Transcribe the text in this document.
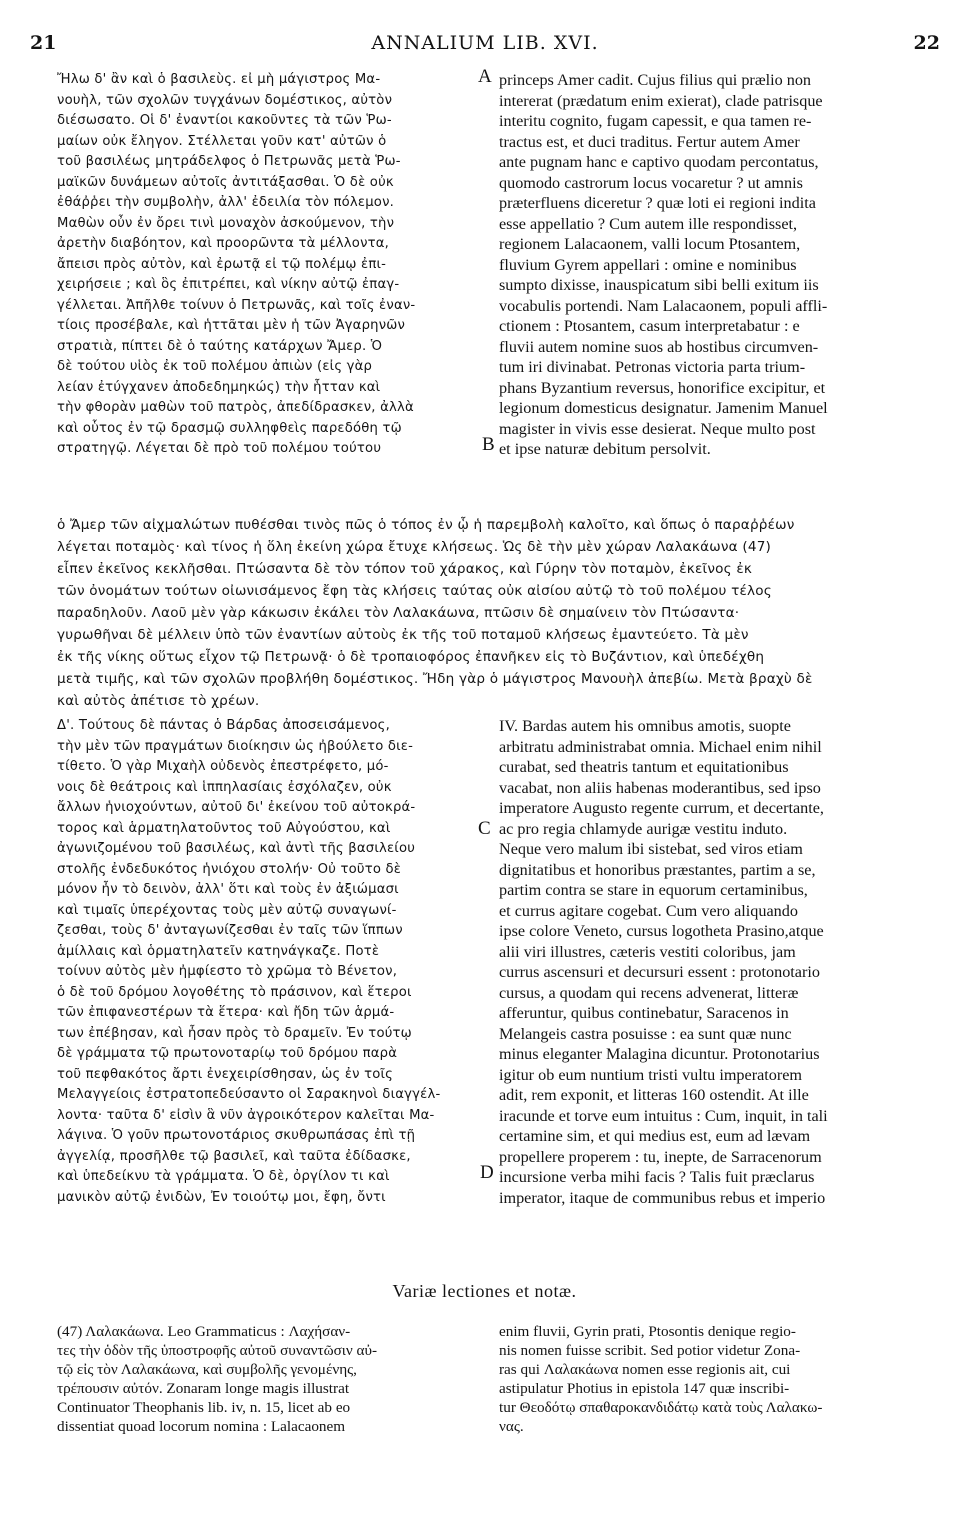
21	ANNALIUM LIB. XVI.	22
A
B
C
D
Ἤλω δ' ἂν καὶ ὁ βασιλεὺς. εἰ μὴ μάγιστρος Μα-
νουὴλ, τῶν σχολῶν τυγχάνων δομέστικος, αὐτὸν
διέσωσατο. Οἱ δ' ἐναντίοι κακοῦντες τὰ τῶν Ῥω-
μαίων οὐκ ἔληγον. Στέλλεται γοῦν κατ' αὐτῶν ὁ
τοῦ βασιλέως μητράδελφος ὁ Πετρωνᾶς μετὰ Ῥω-
μαϊκῶν δυνάμεων αὐτοῖς ἀντιτάξασθαι. Ὁ δὲ οὐκ
ἐθάῤῥει τὴν συμβολὴν, ἀλλ' ἐδειλία τὸν πόλεμον.
Μαθὼν οὖν ἐν ὄρει τινὶ μοναχὸν ἀσκούμενον, τὴν
ἀρετὴν διαβόητον, καὶ προορῶντα τὰ μέλλοντα,
ἄπεισι πρὸς αὐτὸν, καὶ ἐρωτᾷ εἰ τῷ πολέμῳ ἐπι-
χειρήσειε ; καὶ ὃς ἐπιτρέπει, καὶ νίκην αὐτῷ ἐπαγ-
γέλλεται. Ἀπῆλθε τοίνυν ὁ Πετρωνᾶς, καὶ τοῖς ἐναν-
τίοις προσέβαλε, καὶ ἡττᾶται μὲν ἡ τῶν Ἀγαρηνῶν
στρατιὰ, πίπτει δὲ ὁ ταύτης κατάρχων Ἄμερ. Ὁ
δὲ τούτου υἱὸς ἐκ τοῦ πολέμου ἀπιὼν (εἰς γὰρ
λείαν ἐτύγχανεν ἀποδεδημηκώς) τὴν ἧτταν καὶ
τὴν φθορὰν μαθὼν τοῦ πατρὸς, ἀπεδίδρασκεν, ἀλλὰ
καὶ οὗτος ἐν τῷ δρασμῷ συλληφθεὶς παρεδόθη τῷ
στρατηγῷ. Λέγεται δὲ πρὸ τοῦ πολέμου τούτου
princeps Amer cadit. Cujus filius qui prælio non
intererat (prædatum enim exierat), clade patrisque
interitu cognito, fugam capessit, e qua tamen re-
tractus est, et duci traditus. Fertur autem Amer
ante pugnam hanc e captivo quodam percontatus,
quomodo castrorum locus vocaretur ? ut amnis
præterfluens diceretur ? quæ loti ei regioni indita
esse appellatio ? Cum autem ille respondisset,
regionem Lalacaonem, valli locum Ptosantem,
fluvium Gyrem appellari : omine e nominibus
sumpto dixisse, inauspicatum sibi belli exitum iis
vocabulis portendi. Nam Lalacaonem, populi affli-
ctionem : Ptosantem, casum interpretabatur : e
fluvii autem nomine suos ab hostibus circumven-
tum iri divinabat. Petronas victoria parta trium-
phans Byzantium reversus, honorifice excipitur, et
legionum domesticus designatur. Jamenim Manuel
magister in vivis esse desierat. Neque multo post
et ipse naturæ debitum persolvit.
ὁ Ἄμερ τῶν αἰχμαλώτων πυθέσθαι τινὸς πῶς ὁ τόπος ἐν ᾧ ἡ παρεμβολὴ καλοῖτο, καὶ ὅπως ὁ παραῤῥέων
λέγεται ποταμὸς· καὶ τίνος ἡ ὅλη ἐκείνη χώρα ἔτυχε κλήσεως. Ὡς δὲ τὴν μὲν χώραν Λαλακάωνα (47)
εἶπεν ἐκεῖνος κεκλῆσθαι. Πτώσαντα δὲ τὸν τόπον τοῦ χάρακος, καὶ Γύρην τὸν ποταμὸν, ἐκεῖνος ἐκ
τῶν ὀνομάτων τούτων οἰωνισάμενος ἔφη τὰς κλήσεις ταύτας οὐκ αἰσίου αὐτῷ τὸ τοῦ πολέμου τέλος
παραδηλοῦν. Λαοῦ μὲν γὰρ κάκωσιν ἐκάλει τὸν Λαλακάωνα, πτῶσιν δὲ σημαίνειν τὸν Πτώσαντα·
γυρωθῆναι δὲ μέλλειν ὑπὸ τῶν ἐναντίων αὐτοὺς ἐκ τῆς τοῦ ποταμοῦ κλήσεως ἐμαντεύετο. Τὰ μὲν
ἐκ τῆς νίκης οὕτως εἶχον τῷ Πετρωνᾷ· ὁ δὲ τροπαιοφόρος ἐπανῆκεν εἰς τὸ Βυζάντιον, καὶ ὑπεδέχθη
μετὰ τιμῆς, καὶ τῶν σχολῶν προβλήθη δομέστικος. Ἤδη γὰρ ὁ μάγιστρος Μανουὴλ ἀπεβίω. Μετὰ βραχὺ δὲ
καὶ αὐτὸς ἀπέτισε τὸ χρέων.
Δ'. Τούτους δὲ πάντας ὁ Βάρδας ἀποσεισάμενος,
τὴν μὲν τῶν πραγμάτων διοίκησιν ὡς ἠβούλετο διε-
τίθετο. Ὁ γὰρ Μιχαὴλ οὐδενὸς ἐπεστρέφετο, μό-
νοις δὲ θεάτροις καὶ ἱππηλασίαις ἐσχόλαζεν, οὐκ
ἄλλων ἡνιοχούντων, αὐτοῦ δι' ἐκείνου τοῦ αὐτοκρά-
τορος καὶ ἁρματηλατοῦντος τοῦ Αὐγούστου, καὶ
ἀγωνιζομένου τοῦ βασιλέως, καὶ ἀντὶ τῆς βασιλείου
στολῆς ἐνδεδυκότος ἡνιόχου στολήν· Οὐ τοῦτο δὲ
μόνον ἦν τὸ δεινὸν, ἀλλ' ὅτι καὶ τοὺς ἐν ἀξιώμασι
καὶ τιμαῖς ὑπερέχοντας τοὺς μὲν αὐτῷ συναγωνί-
ζεσθαι, τοὺς δ' ἀνταγωνίζεσθαι ἐν ταῖς τῶν ἵππων
ἁμίλλαις καὶ ὁρματηλατεῖν κατηνάγκαζε. Ποτὲ
τοίνυν αὐτὸς μὲν ἠμφίεστο τὸ χρῶμα τὸ Βένετον,
ὁ δὲ τοῦ δρόμου λογοθέτης τὸ πράσινον, καὶ ἕτεροι
τῶν ἐπιφανεστέρων τὰ ἕτερα· καὶ ἤδη τῶν ἁρμά-
των ἐπέβησαν, καὶ ἦσαν πρὸς τὸ δραμεῖν. Ἐν τούτῳ
δὲ γράμματα τῷ πρωτονοταρίῳ τοῦ δρόμου παρὰ
τοῦ πεφθακότος ἄρτι ἐνεχειρίσθησαν, ὡς ἐν τοῖς
Μελαγγείοις ἐστρατοπεδεύσαντο οἱ Σαρακηνοὶ διαγγέλ-
λοντα· ταῦτα δ' εἰσὶν ἃ νῦν ἀγροικότερον καλεῖται Μα-
λάγινα. Ὁ γοῦν πρωτονοτάριος σκυθρωπάσας ἐπὶ τῇ
ἀγγελίᾳ, προσῆλθε τῷ βασιλεῖ, καὶ ταῦτα ἐδίδασκε,
καὶ ὑπεδείκνυ τὰ γράμματα. Ὁ δὲ, ὀργίλον τι καὶ
μανικὸν αὐτῷ ἐνιδὼν, Ἐν τοιούτῳ μοι, ἔφη, ὄντι
IV. Bardas autem his omnibus amotis, suopte
arbitratu administrabat omnia. Michael enim nihil
curabat, sed theatris tantum et equitationibus
vacabat, non aliis habenas moderantibus, sed ipso
imperatore Augusto regente currum, et decertante,
ac pro regia chlamyde aurigæ vestitu induto.
Neque vero malum ibi sistebat, sed viros etiam
dignitatibus et honoribus præstantes, partim a se,
partim contra se stare in equorum certaminibus,
et currus agitare cogebat. Cum vero aliquando
ipse colore Veneto, cursus logotheta Prasino,atque
alii viri illustres, cæteris vestiti coloribus, jam
currus ascensuri et decursuri essent : protonotario
cursus, a quodam qui recens advenerat, litteræ
afferuntur, quibus continebatur, Saracenos in
Melangeis castra posuisse : ea sunt quæ nunc
minus eleganter Malagina dicuntur. Protonotarius
igitur ob eum nuntium tristi vultu imperatorem
adit, rem exponit, et litteras 160 ostendit. At ille
iracunde et torve eum intuitus : Cum, inquit, in tali
certamine sim, et qui medius est, eum ad lævam
propellere properem : tu, inepte, de Sarracenorum
incursione verba mihi facis ? Talis fuit præclarus
imperator, itaque de communibus rebus et imperio
Variæ lectiones et notæ.
(47) Λαλακάωνα. Leo Grammaticus : Λαχήσαν-
τες τὴν ὁδὸν τῆς ὑποστροφῆς αὐτοῦ συναντῶσιν αὐ-
τῷ εἰς τὸν Λαλακάωνα, καὶ συμβολῆς γενομένης,
τρέπουσιν αὐτόν. Zonaram longe magis illustrat
Continuator Theophanis lib. iv, n. 15, licet ab eo
dissentiat quoad locorum nomina : Lalacaonem
enim fluvii, Gyrin prati, Ptosontis denique regio-
nis nomen fuisse scribit. Sed potior videtur Zona-
ras qui Λαλακάωνα nomen esse regionis ait, cui
astipulatur Photius in epistola 147 quæ inscribi-
tur Θεοδότῳ σπαθαροκανδιδάτῳ κατὰ τοὺς Λαλακω-
νας.
